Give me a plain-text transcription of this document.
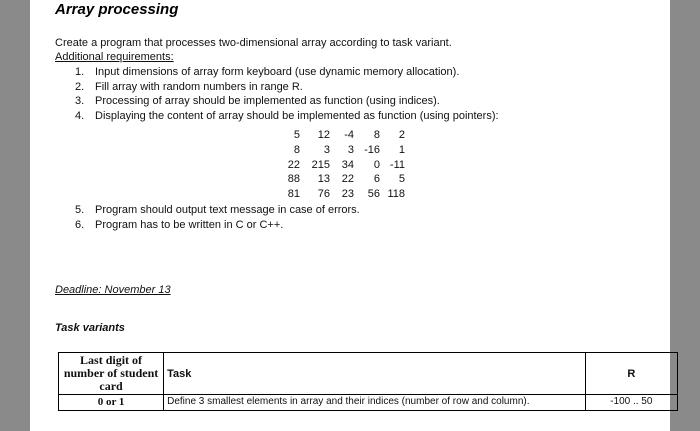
Array processing
Create a program that processes two-dimensional array according to task variant.
Additional requirements:
1. Input dimensions of array form keyboard (use dynamic memory allocation).
2. Fill array with random numbers in range R.
3. Processing of array should be implemented as function (using indices).
4. Displaying the content of array should be implemented as function (using pointers):
5	12	-4	8	2
8	3	3	-16	1
22	215	34	0	-11
88	13	22	6	5
81	76	23	56	118
5. Program should output text message in case of errors.
6. Program has to be written in C or C++.
Deadline: November 13
Task variants
Last digit of number of student card	Task	R
0 or 1	Define 3 smallest elements in array and their indices (number of row and column).	-100 .. 50
